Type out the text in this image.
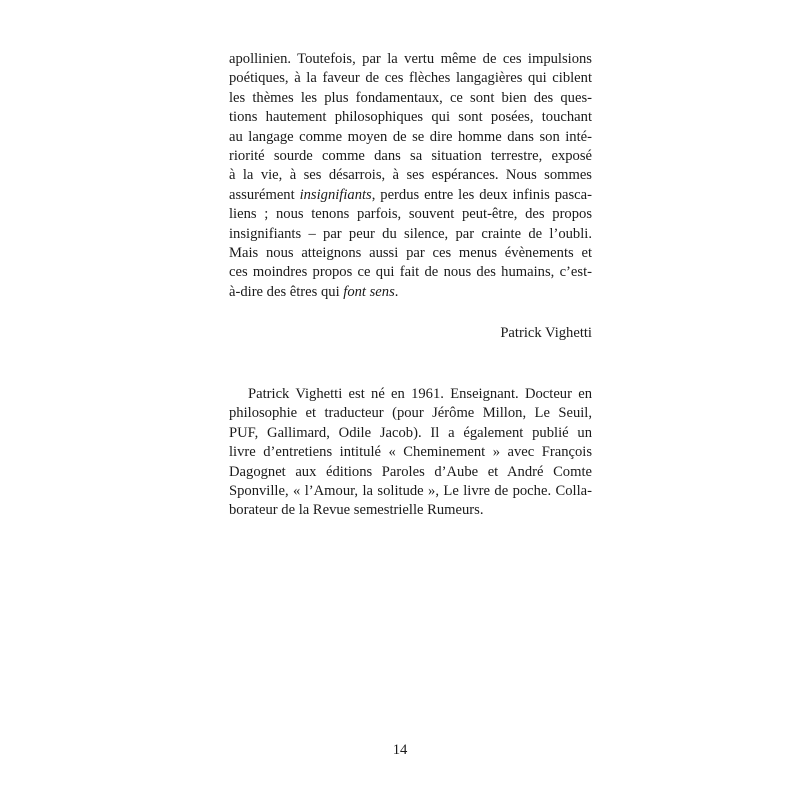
apollinien. Toutefois, par la vertu même de ces impulsions
poétiques, à la faveur de ces flèches langagières qui ciblent
les thèmes les plus fondamentaux, ce sont bien des ques-
tions hautement philosophiques qui sont posées, touchant
au langage comme moyen de se dire homme dans son inté-
riorité sourde comme dans sa situation terrestre, exposé
à la vie, à ses désarrois, à ses espérances. Nous sommes
assurément insignifiants, perdus entre les deux infinis pasca-
liens ; nous tenons parfois, souvent peut-être, des propos
insignifiants – par peur du silence, par crainte de l’oubli.
Mais nous atteignons aussi par ces menus évènements et
ces moindres propos ce qui fait de nous des humains, c’est-
à-dire des êtres qui font sens.
Patrick Vighetti
Patrick Vighetti est né en 1961. Enseignant. Docteur en
philosophie et traducteur (pour Jérôme Millon, Le Seuil,
PUF, Gallimard, Odile Jacob). Il a également publié un
livre d’entretiens intitulé « Cheminement » avec François
Dagognet aux éditions Paroles d’Aube et André Comte
Sponville, « l’Amour, la solitude », Le livre de poche. Colla-
borateur de la Revue semestrielle Rumeurs.
14
